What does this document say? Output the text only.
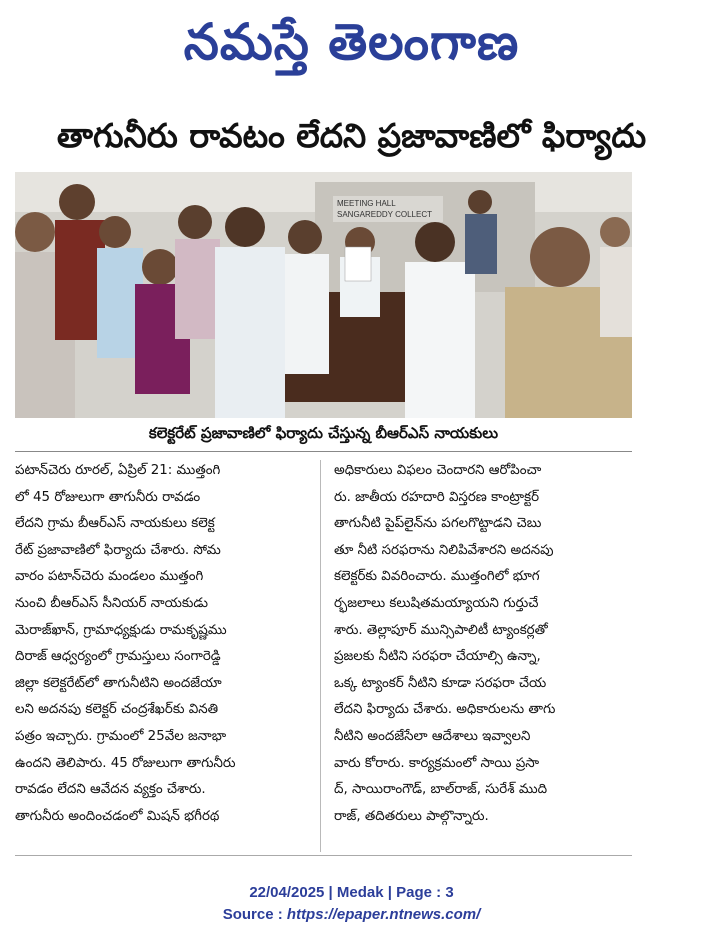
నమస్తే తెలంగాణ
తాగునీరు రావటం లేదని ప్రజావాణిలో ఫిర్యాదు
MEETING HALL
SANGAREDDY COLLECT
కలెక్టరేట్ ప్రజావాణిలో ఫిర్యాదు చేస్తున్న బీఆర్ఎస్ నాయకులు
పటాన్‌చెరు రూరల్, ఏప్రిల్ 21: ముత్తంగి
లో 45 రోజులుగా తాగునీరు రావడం
లేదని గ్రామ బీఆర్ఎస్ నాయకులు కలెక్ట
రేట్ ప్రజావాణిలో ఫిర్యాదు చేశారు. సోమ
వారం పటాన్‌చెరు మండలం ముత్తంగి
నుంచి బీఆర్ఎస్ సీనియర్ నాయకుడు
మెరాజ్‌ఖాన్, గ్రామాధ్యక్షుడు రామకృష్ణము
దిరాజ్ ఆధ్వర్యంలో గ్రామస్తులు సంగారెడ్డి
జిల్లా కలెక్టరేట్‌లో తాగునీటిని అందజేయా
లని అదనపు కలెక్టర్ చంద్రశేఖర్‌కు వినతి
పత్రం ఇచ్చారు. గ్రామంలో 25వేల జనాభా
ఉందని తెలిపారు. 45 రోజులుగా తాగునీరు
రావడం లేదని ఆవేదన వ్యక్తం చేశారు.
తాగునీరు అందించడంలో మిషన్ భగీరథ
అధికారులు విఫలం చెందారని ఆరోపించా
రు. జాతీయ రహదారి విస్తరణ కాంట్రాక్టర్
తాగునీటి పైప్‌లైన్‌ను పగలగొట్టాడని చెబు
తూ నీటి సరఫరాను నిలిపివేశారని అదనపు
కలెక్టర్‌కు వివరించారు. ముత్తంగిలో భూగ
ర్భజలాలు కలుషితమయ్యాయని గుర్తుచే
శారు. తెల్లాపూర్ మున్సిపాలిటీ ట్యాంకర్లతో
ప్రజలకు నీటిని సరఫరా చేయాల్సి ఉన్నా,
ఒక్క ట్యాంకర్ నీటిని కూడా సరఫరా చేయ
లేదని ఫిర్యాదు చేశారు. అధికారులను తాగు
నీటిని అందజేసేలా ఆదేశాలు ఇవ్వాలని
వారు కోరారు. కార్యక్రమంలో సాయి ప్రసా
ద్, సాయిరాంగౌడ్, బాల్‌రాజ్, సురేశ్ ముది
రాజ్, తదితరులు పాల్గొన్నారు.
22/04/2025 | Medak | Page : 3
Source : https://epaper.ntnews.com/
